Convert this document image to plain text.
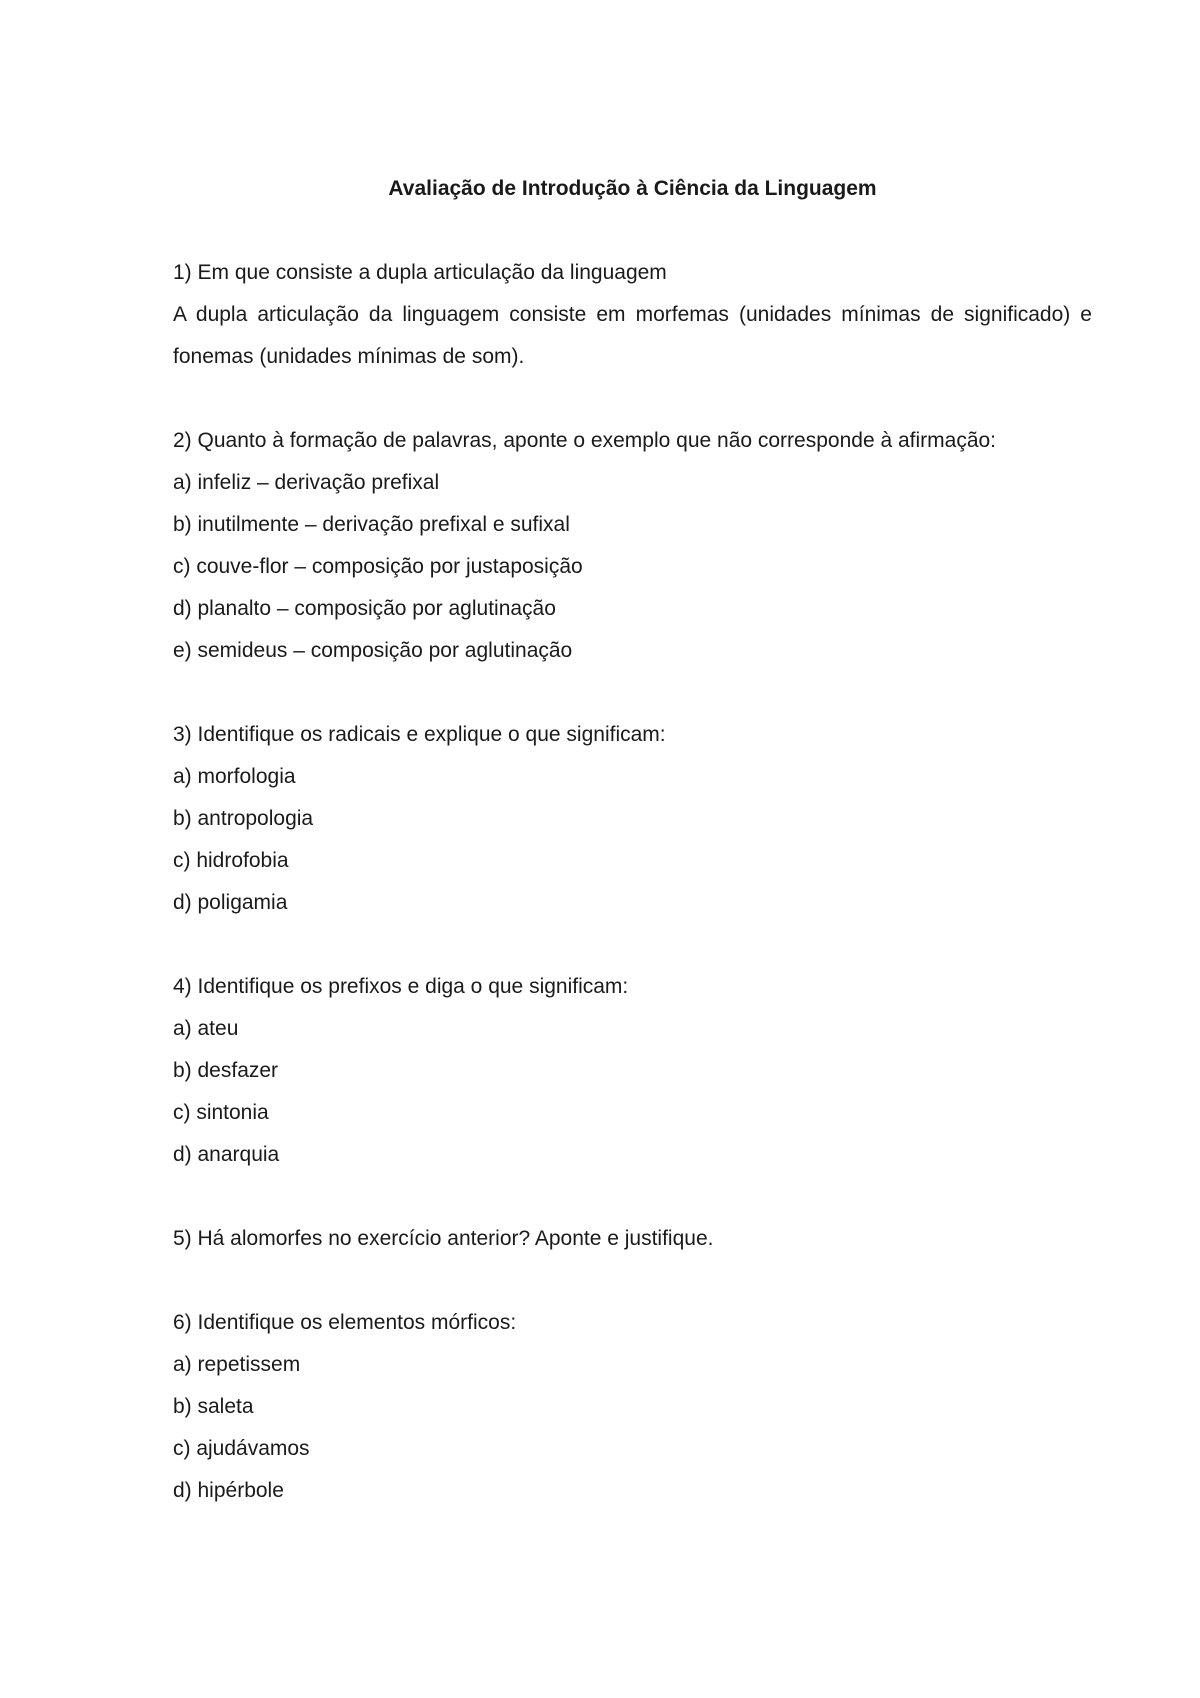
Avaliação de Introdução à Ciência da Linguagem

1) Em que consiste a dupla articulação da linguagem

A dupla articulação da linguagem consiste em morfemas (unidades mínimas de significado) e fonemas (unidades mínimas de som).

2) Quanto à formação de palavras, aponte o exemplo que não corresponde à afirmação:

a) infeliz – derivação prefixal

b) inutilmente – derivação prefixal e sufixal

c) couve-flor – composição por justaposição

d) planalto – composição por aglutinação

e) semideus – composição por aglutinação

3) Identifique os radicais e explique o que significam:

a) morfologia

b) antropologia

c) hidrofobia

d) poligamia

4) Identifique os prefixos e diga o que significam:

a) ateu

b) desfazer

c) sintonia

d) anarquia

5) Há alomorfes no exercício anterior? Aponte e justifique.

6) Identifique os elementos mórficos:

a) repetissem

b) saleta

c) ajudávamos

d) hipérbole
